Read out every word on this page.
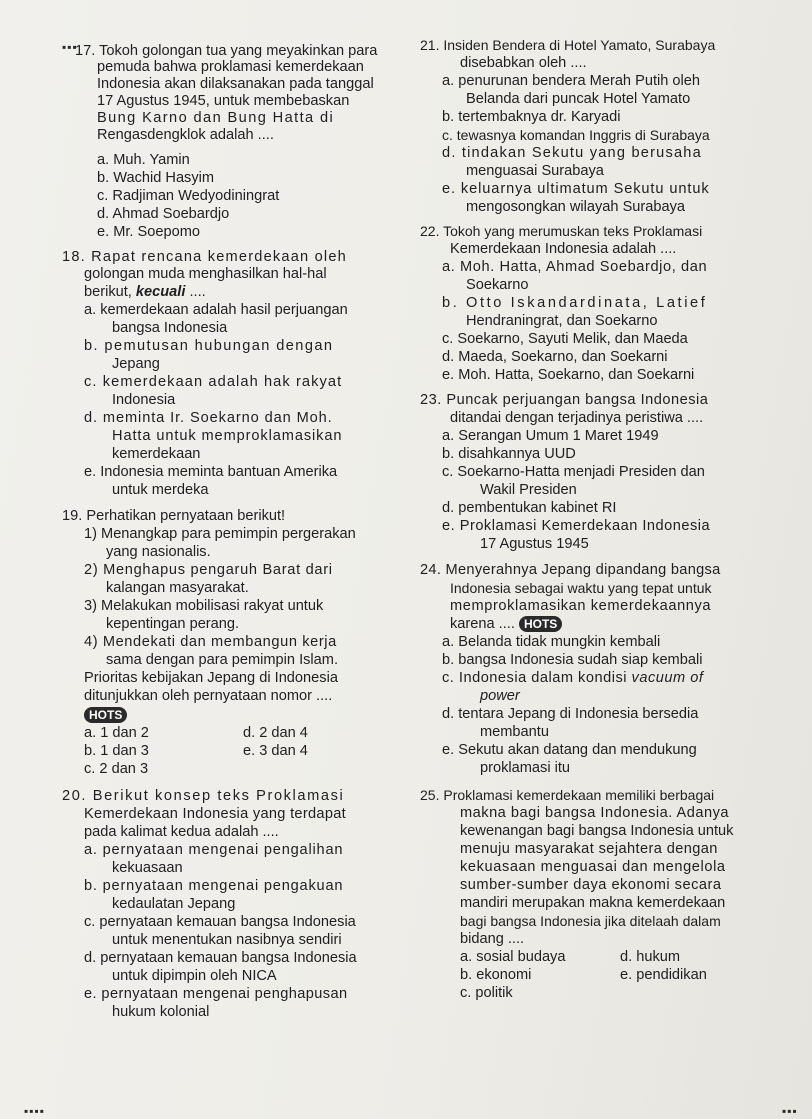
▪▪▪
17. Tokoh golongan tua yang meyakinkan para
pemuda bahwa proklamasi kemerdekaan
Indonesia akan dilaksanakan pada tanggal
17 Agustus 1945, untuk membebaskan
Bung Karno dan Bung Hatta di
Rengasdengklok adalah ....
a. Muh. Yamin
b. Wachid Hasyim
c. Radjiman Wedyodiningrat
d. Ahmad Soebardjo
e. Mr. Soepomo
18. Rapat rencana kemerdekaan oleh
golongan muda menghasilkan hal-hal
berikut, kecuali ....
a. kemerdekaan adalah hasil perjuangan
bangsa Indonesia
b. pemutusan hubungan dengan
Jepang
c. kemerdekaan adalah hak rakyat
Indonesia
d. meminta Ir. Soekarno dan Moh.
Hatta untuk memproklamasikan
kemerdekaan
e. Indonesia meminta bantuan Amerika
untuk merdeka
19. Perhatikan pernyataan berikut!
1) Menangkap para pemimpin pergerakan
yang nasionalis.
2) Menghapus pengaruh Barat dari
kalangan masyarakat.
3) Melakukan mobilisasi rakyat untuk
kepentingan perang.
4) Mendekati dan membangun kerja
sama dengan para pemimpin Islam.
Prioritas kebijakan Jepang di Indonesia
ditunjukkan oleh pernyataan nomor ....
HOTS
a. 1 dan 2	d. 2 dan 4
b. 1 dan 3	e. 3 dan 4
c. 2 dan 3
20. Berikut konsep teks Proklamasi
Kemerdekaan Indonesia yang terdapat
pada kalimat kedua adalah ....
a. pernyataan mengenai pengalihan
kekuasaan
b. pernyataan mengenai pengakuan
kedaulatan Jepang
c. pernyataan kemauan bangsa Indonesia
untuk menentukan nasibnya sendiri
d. pernyataan kemauan bangsa Indonesia
untuk dipimpin oleh NICA
e. pernyataan mengenai penghapusan
hukum kolonial
21. Insiden Bendera di Hotel Yamato, Surabaya
disebabkan oleh ....
a. penurunan bendera Merah Putih oleh
Belanda dari puncak Hotel Yamato
b. tertembaknya dr. Karyadi
c. tewasnya komandan Inggris di Surabaya
d. tindakan Sekutu yang berusaha
menguasai Surabaya
e. keluarnya ultimatum Sekutu untuk
mengosongkan wilayah Surabaya
22. Tokoh yang merumuskan teks Proklamasi
Kemerdekaan Indonesia adalah ....
a. Moh. Hatta, Ahmad Soebardjo, dan
Soekarno
b. Otto Iskandardinata, Latief
Hendraningrat, dan Soekarno
c. Soekarno, Sayuti Melik, dan Maeda
d. Maeda, Soekarno, dan Soekarni
e. Moh. Hatta, Soekarno, dan Soekarni
23. Puncak perjuangan bangsa Indonesia
ditandai dengan terjadinya peristiwa ....
a. Serangan Umum 1 Maret 1949
b. disahkannya UUD
c. Soekarno-Hatta menjadi Presiden dan
Wakil Presiden
d. pembentukan kabinet RI
e. Proklamasi Kemerdekaan Indonesia
17 Agustus 1945
24. Menyerahnya Jepang dipandang bangsa
Indonesia sebagai waktu yang tepat untuk
memproklamasikan kemerdekaannya
karena .... HOTS
a. Belanda tidak mungkin kembali
b. bangsa Indonesia sudah siap kembali
c. Indonesia dalam kondisi vacuum of
power
d. tentara Jepang di Indonesia bersedia
membantu
e. Sekutu akan datang dan mendukung
proklamasi itu
25. Proklamasi kemerdekaan memiliki berbagai
makna bagi bangsa Indonesia. Adanya
kewenangan bagi bangsa Indonesia untuk
menuju masyarakat sejahtera dengan
kekuasaan menguasai dan mengelola
sumber-sumber daya ekonomi secara
mandiri merupakan makna kemerdekaan
bagi bangsa Indonesia jika ditelaah dalam
bidang ....
a. sosial budaya	d. hukum
b. ekonomi	e. pendidikan
c. politik
▪▪▪▪	▪▪▪
